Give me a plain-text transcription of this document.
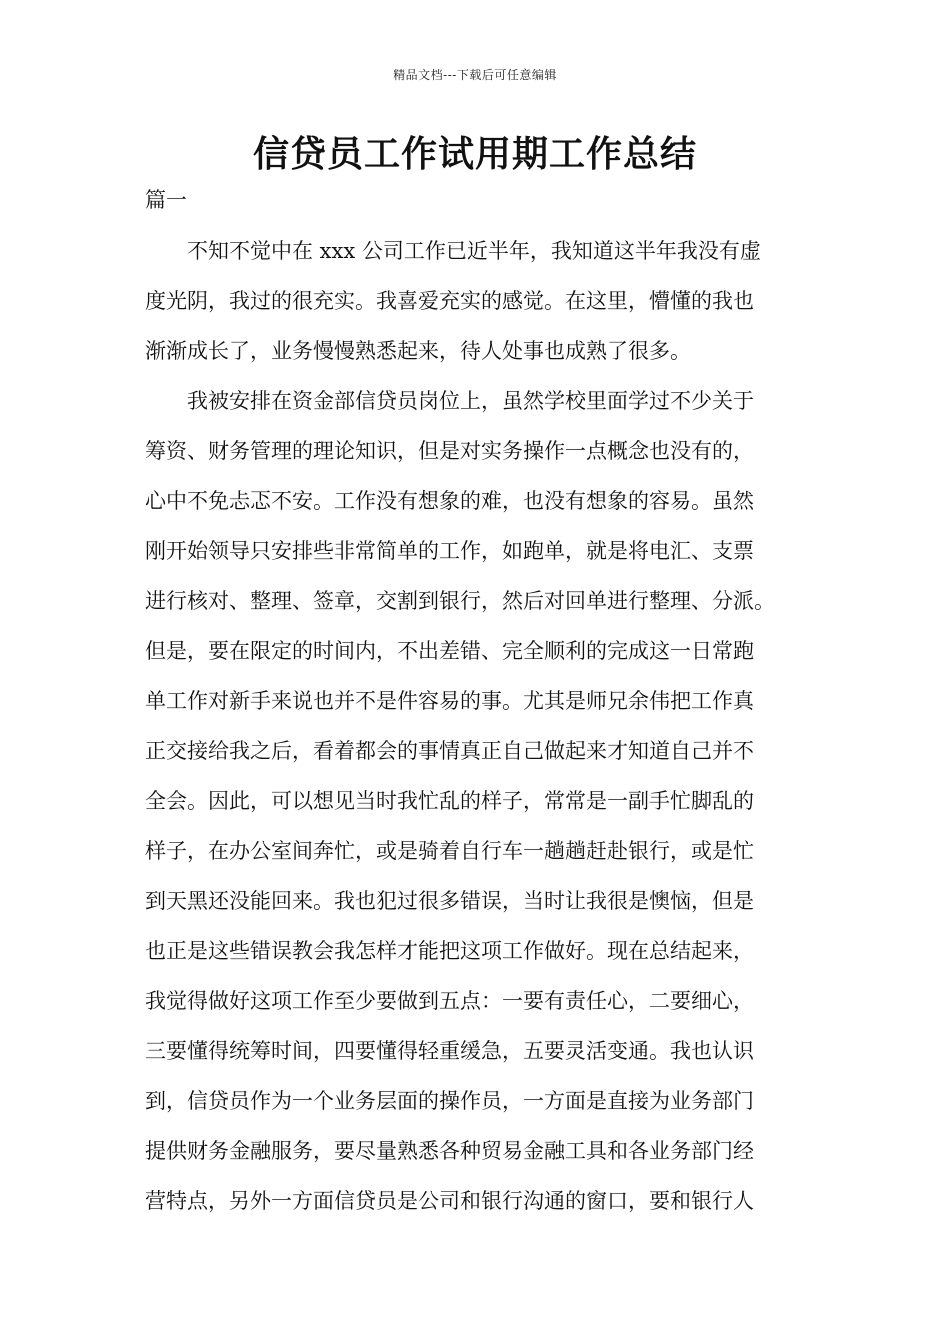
精品文档---下载后可任意编辑
信贷员工作试用期工作总结
篇一
　　不知不觉中在 xxx 公司工作已近半年，我知道这半年我没有虚
度光阴，我过的很充实。我喜爱充实的感觉。在这里，懵懂的我也
渐渐成长了，业务慢慢熟悉起来，待人处事也成熟了很多。
　　我被安排在资金部信贷员岗位上，虽然学校里面学过不少关于
筹资、财务管理的理论知识，但是对实务操作一点概念也没有的，
心中不免忐忑不安。工作没有想象的难，也没有想象的容易。虽然
刚开始领导只安排些非常简单的工作，如跑单，就是将电汇、支票
进行核对、整理、签章，交割到银行，然后对回单进行整理、分派。
但是，要在限定的时间内，不出差错、完全顺利的完成这一日常跑
单工作对新手来说也并不是件容易的事。尤其是师兄余伟把工作真
正交接给我之后，看着都会的事情真正自己做起来才知道自己并不
全会。因此，可以想见当时我忙乱的样子，常常是一副手忙脚乱的
样子，在办公室间奔忙，或是骑着自行车一趟趟赶赴银行，或是忙
到天黑还没能回来。我也犯过很多错误，当时让我很是懊恼，但是
也正是这些错误教会我怎样才能把这项工作做好。现在总结起来，
我觉得做好这项工作至少要做到五点：一要有责任心，二要细心，
三要懂得统筹时间，四要懂得轻重缓急，五要灵活变通。我也认识
到，信贷员作为一个业务层面的操作员，一方面是直接为业务部门
提供财务金融服务，要尽量熟悉各种贸易金融工具和各业务部门经
营特点，另外一方面信贷员是公司和银行沟通的窗口，要和银行人
